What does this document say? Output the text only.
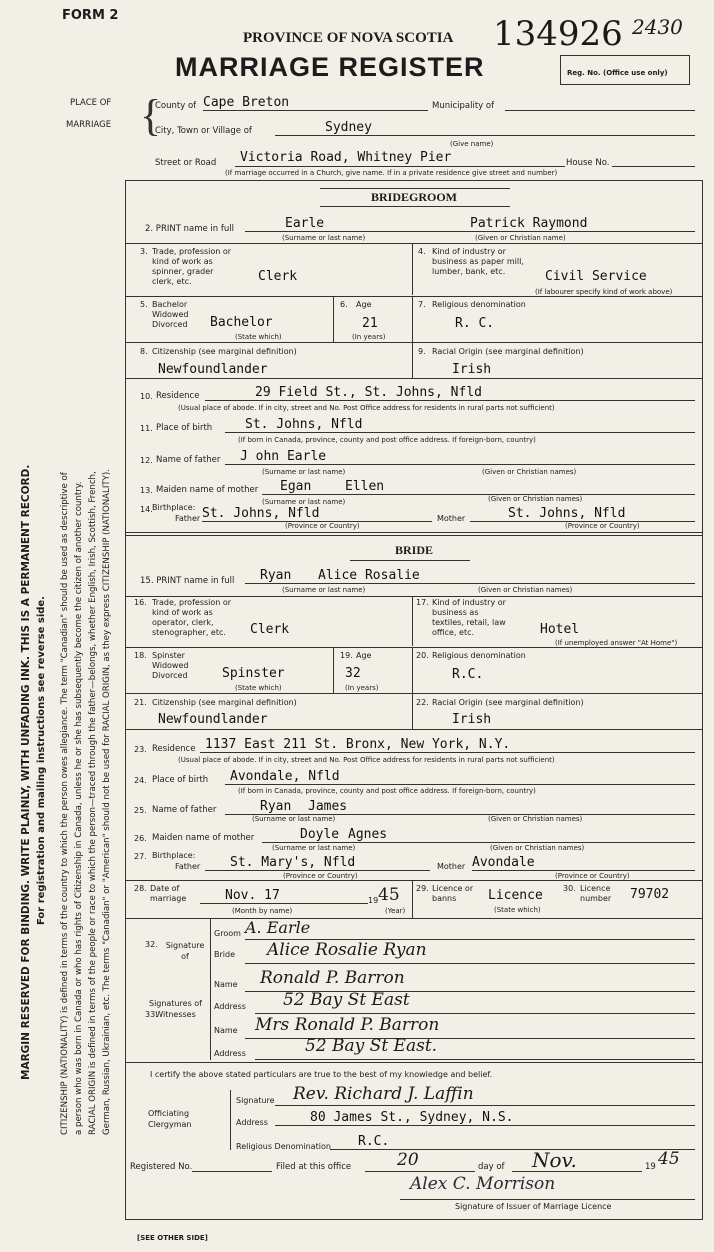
FORM 2
PROVINCE OF NOVA SCOTIA
MARRIAGE REGISTER
134926 2430
Reg. No. (Office use only)
PLACE OF
MARRIAGE {
County of Cape Breton	Municipality of
City, Town or Village of	Sydney
(Give name)
Street or Road	Victoria Road, Whitney Pier	House No.
(If marriage occurred in a Church, give name. If in a private residence give street and number)
MARGIN RESERVED FOR BINDING. WRITE PLAINLY, WITH UNFADING INK. THIS IS A PERMANENT RECORD. For registration and mailing instructions see reverse side. CITIZENSHIP (NATIONALITY) is defined in terms of the country to which the person owes allegiance. The term "Canadian" should be used as descriptive of a person who was born in Canada or who has rights of Citizenship in Canada, unless he or she has subsequently become the citizen of another country. RACIAL ORIGIN is defined in terms of the people or race to which the person—traced through the father—belongs, whether English, Irish, Scottish, French, German, Russian, Ukrainian, etc. The terms "Canadian" or "American" should not be used for RACIAL ORIGIN, as they express CITIZENSHIP (NATIONALITY).
BRIDEGROOM
2. PRINT name in full	Earle	Patrick Raymond
(Surname or last name)	(Given or Christian name)
3. Trade, profession or kind of work as spinner, grader clerk, etc.	Clerk
4. Kind of industry or business as paper mill, lumber, bank, etc.	Civil Service
(If labourer specify kind of work above)
5. Bachelor Widowed Divorced	Bachelor
(State which)
6. Age
21
(In years)
7. Religious denomination
R. C.
8. Citizenship (see marginal definition)
Newfoundlander
9. Racial Origin (see marginal definition)
Irish
10. Residence	29 Field St., St. Johns, Nfld
(Usual place of abode. If in city, street and No. Post Office address for residents in rural parts not sufficient)
11. Place of birth	St. Johns, Nfld
(If born in Canada, province, county and post office address. If foreign-born, country)
12. Name of father	J ohn Earle
(Surname or last name)	(Given or Christian names)
13. Maiden name of mother	Egan	Ellen
(Surname or last name)	(Given or Christian names)
14. Birthplace:
Father St. Johns, Nfld	Mother	St. Johns, Nfld
(Province or Country)	(Province or Country)
BRIDE
15. PRINT name in full	Ryan	Alice Rosalie
(Surname or last name)	(Given or Christian names)
16. Trade, profession or kind of work as operator, clerk, stenographer, etc.	Clerk
17. Kind of industry or business as textiles, retail, law office, etc.	Hotel
(If unemployed answer "At Home")
18. Spinster Widowed Divorced	Spinster
(State which)
19. Age
32
(In years)
20. Religious denomination
R.C.
21. Citizenship (see marginal definition)
Newfoundlander
22. Racial Origin (see marginal definition)
Irish
23. Residence 1137 East 211 St. Bronx, New York, N.Y.
(Usual place of abode. If in city, street and No. Post Office address for residents in rural parts not sufficient)
24. Place of birth	Avondale, Nfld
(If born in Canada, province, county and post office address. If foreign-born, country)
25. Name of father	Ryan	James
(Surname or last name)	(Given or Christian names)
26. Maiden name of mother	Doyle Agnes
(Surname or last name)	(Given or Christian names)
27. Birthplace:
Father	St. Mary's, Nfld	Mother Avondale
(Province or Country)	(Province or Country)
28. Date of marriage	Nov. 17	19 45
(Month by name)	(Year)
29. Licence or banns	Licence
(State which)
30. Licence number	79702
32. Signature of
Groom A. Earle
Bride	Alice Rosalie Ryan
33.
Signatures of Witnesses
Name	Ronald P. Barron
Address	52 Bay St East
Name	Mrs Ronald P. Barron
Address	52 Bay St East.
I certify the above stated particulars are true to the best of my knowledge and belief.
Officiating Clergyman
Signature	Rev. Richard J. Laffin
Address	80 James St., Sydney, N.S.
Religious Denomination	R.C.
Registered No.	Filed at this office	20	day of	Nov.	19 45
Alex C. Morrison
Signature of Issuer of Marriage Licence
[SEE OTHER SIDE]
